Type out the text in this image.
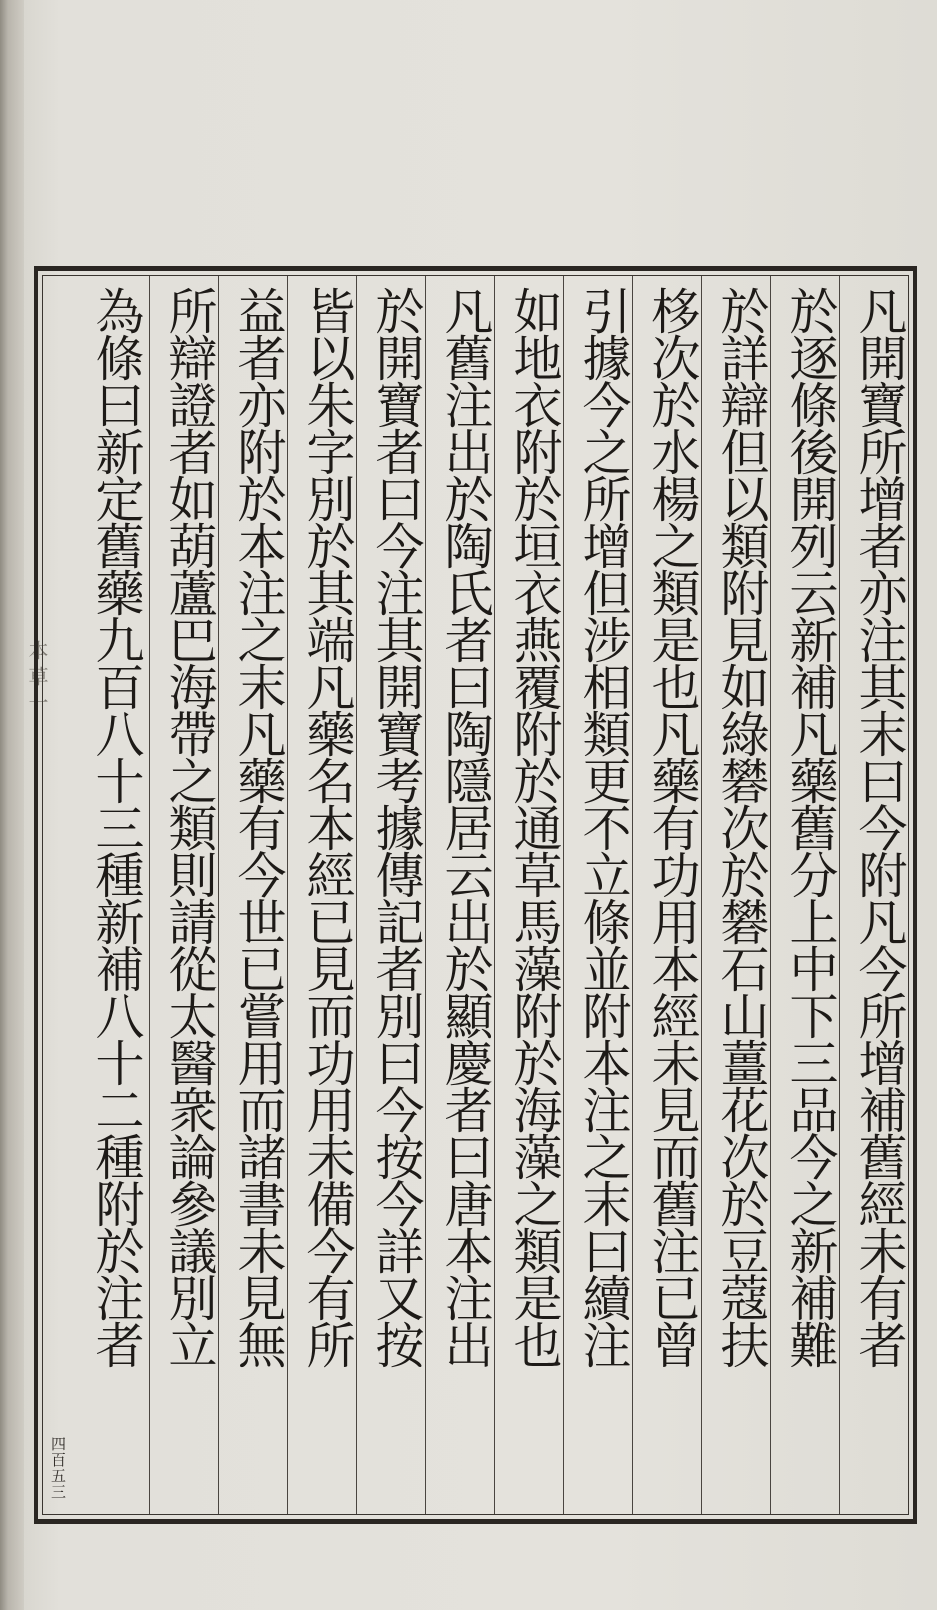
本草一
四百五三
凡開寶所增者亦注其末曰今附凡今所增補舊經未有者
於逐條後開列云新補凡藥舊分上中下三品今之新補難
於詳辯但以類附見如綠礬次於礬石山薑花次於豆蔻扶
栘次於水楊之類是也凡藥有功用本經未見而舊注已曾
引據今之所增但涉相類更不立條並附本注之末曰續注
如地衣附於垣衣燕覆附於通草馬藻附於海藻之類是也
凡舊注出於陶氏者曰陶隱居云出於顯慶者曰唐本注出
於開寶者曰今注其開寶考據傳記者別曰今按今詳又按
皆以朱字別於其端凡藥名本經已見而功用未備今有所
益者亦附於本注之末凡藥有今世已嘗用而諸書未見無
所辯證者如葫蘆巴海帶之類則請從太醫衆論參議別立
為條曰新定舊藥九百八十三種新補八十二種附於注者
